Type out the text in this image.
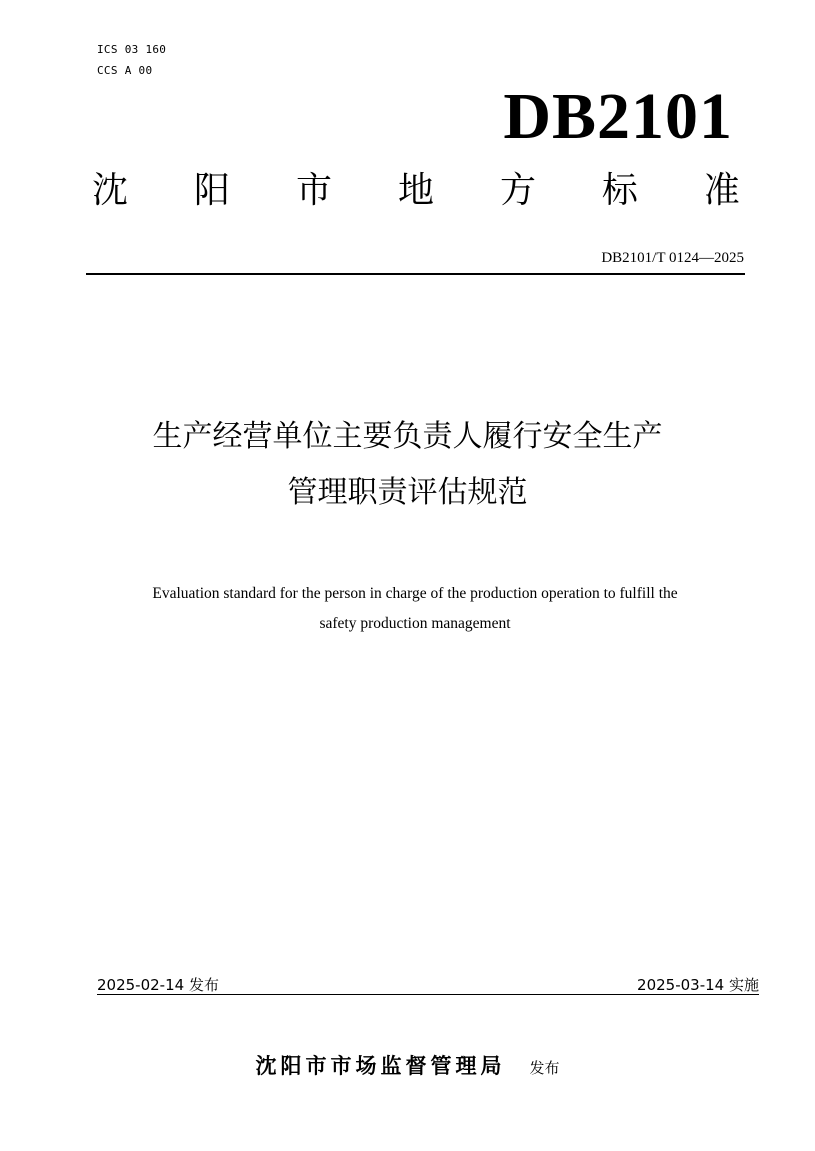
ICS 03 160
CCS A 00
DB2101
沈 阳 市 地 方 标 准
DB2101/T 0124—2025
生产经营单位主要负责人履行安全生产
管理职责评估规范
Evaluation standard for the person in charge of the production operation to fulfill the
safety production management
2025-02-14 发布	2025-03-14 实施
沈阳市市场监督管理局 发布
